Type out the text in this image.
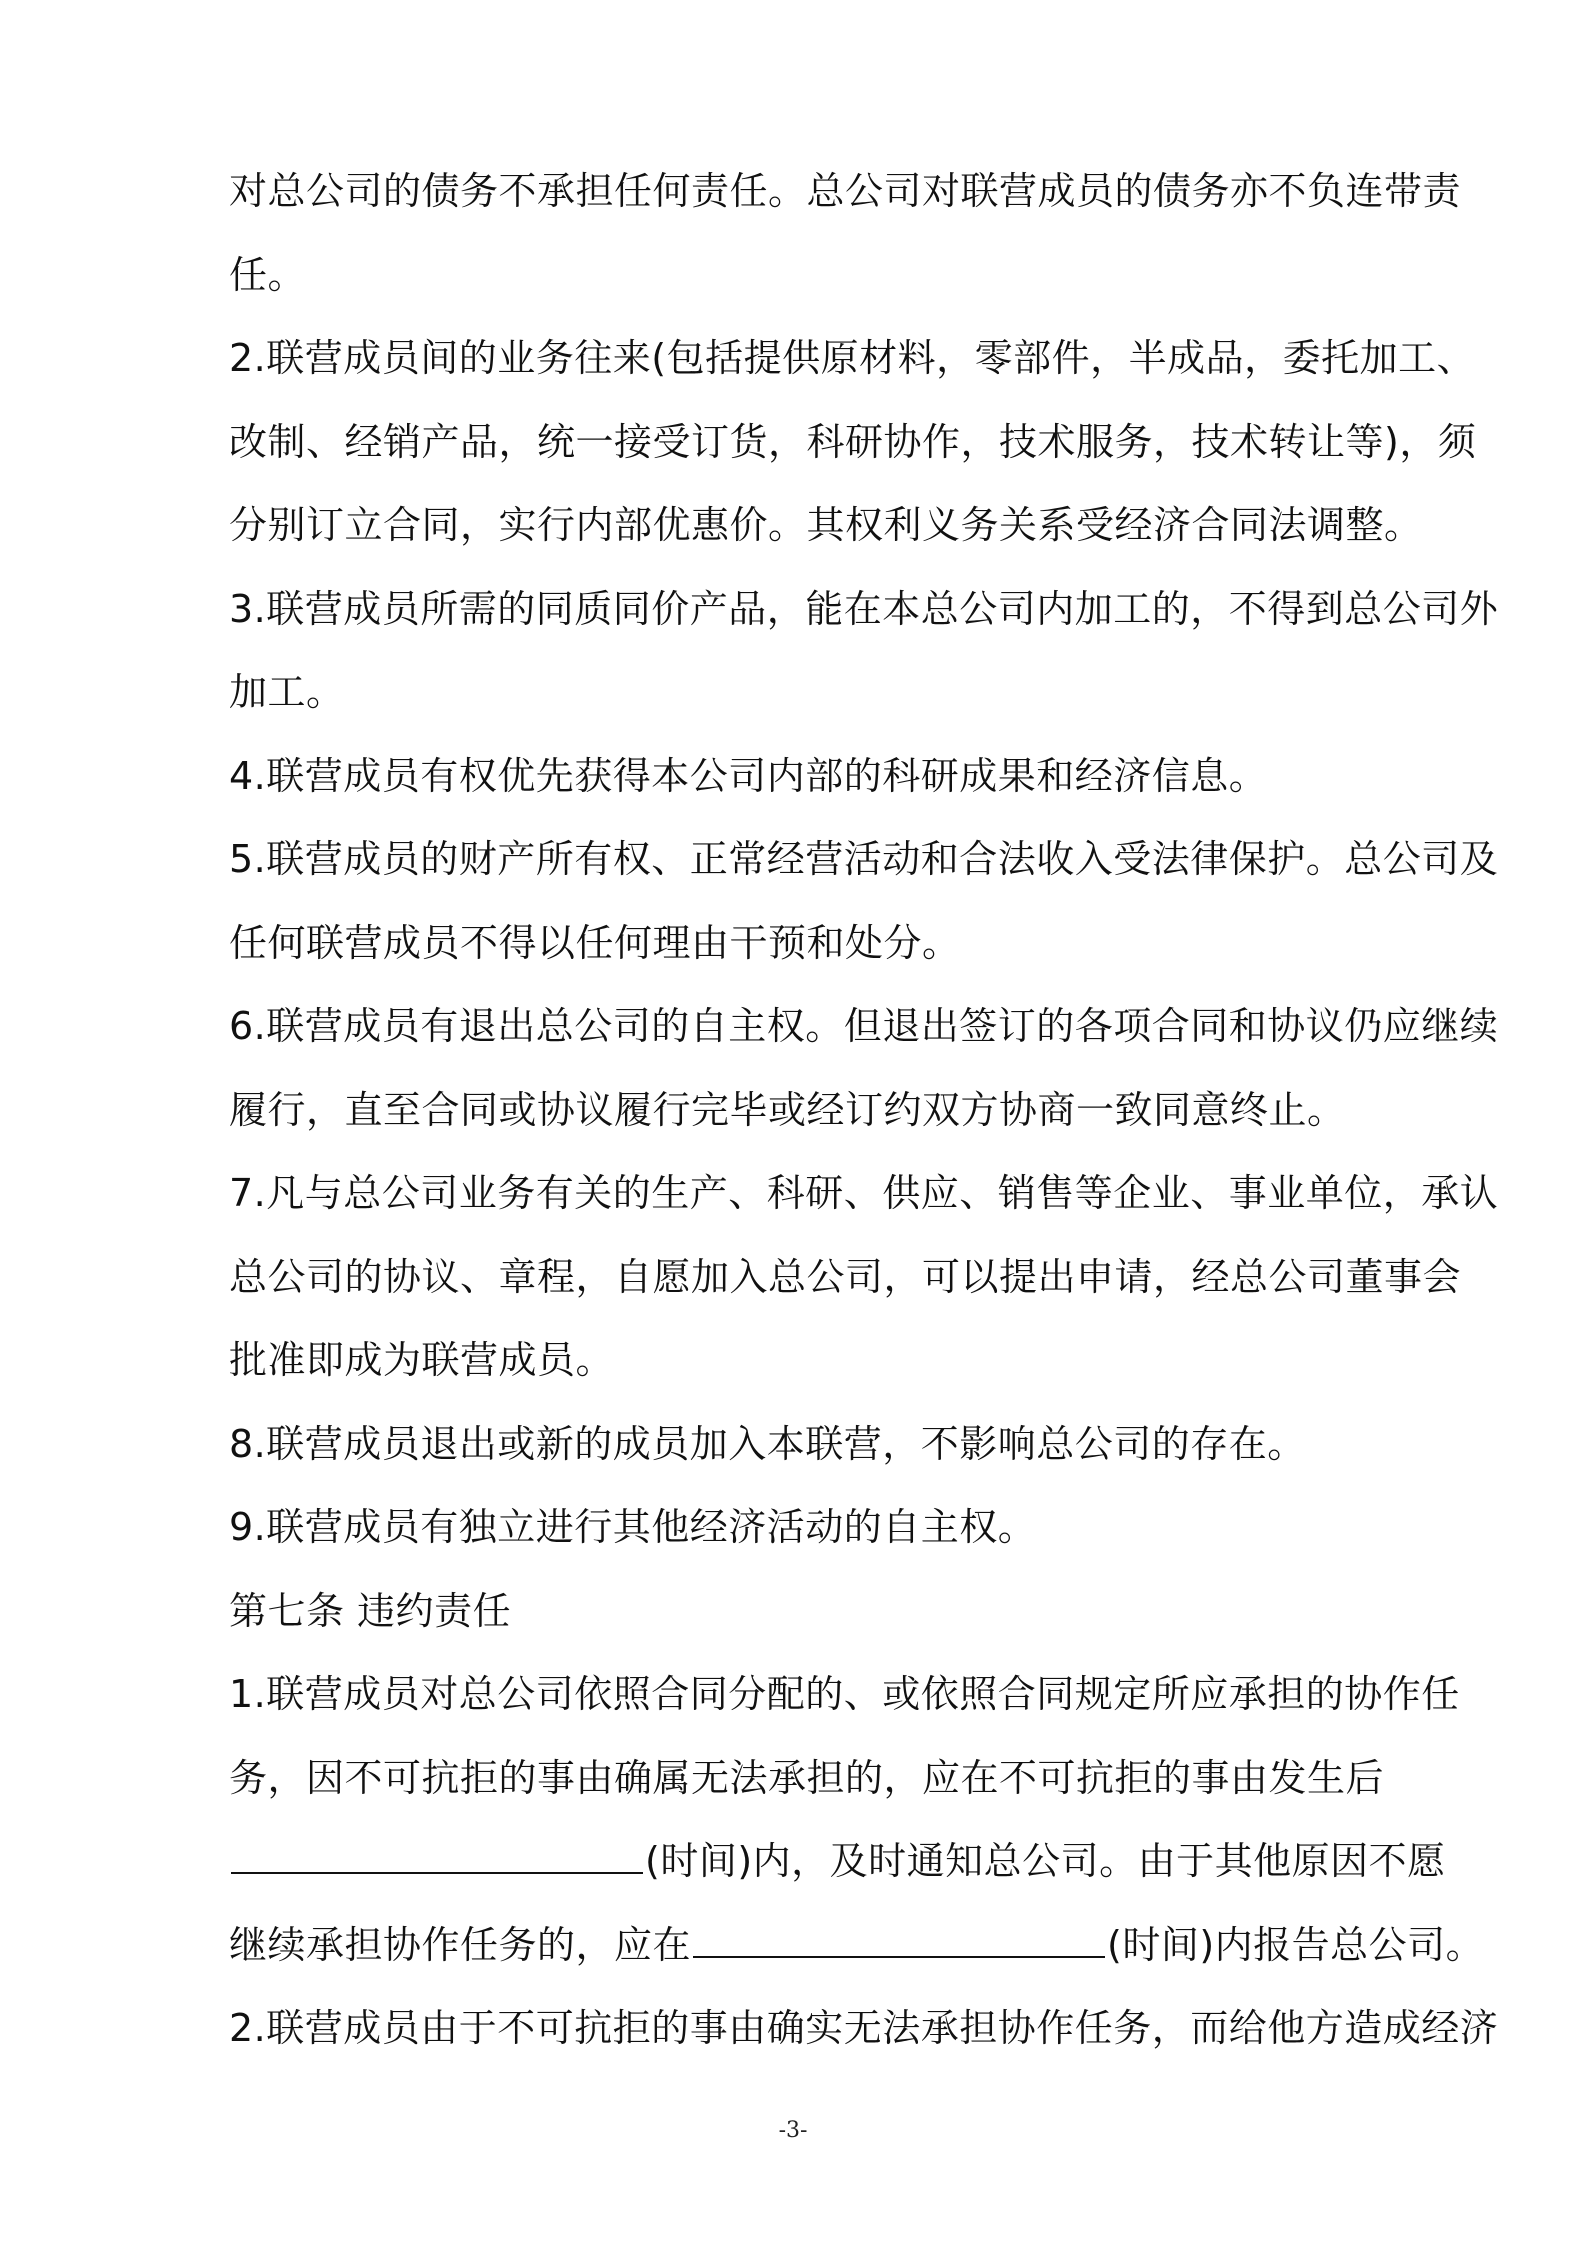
对总公司的债务不承担任何责任。总公司对联营成员的债务亦不负连带责
任。
2.联营成员间的业务往来(包括提供原材料，零部件，半成品，委托加工、
改制、经销产品，统一接受订货，科研协作，技术服务，技术转让等)，须
分别订立合同，实行内部优惠价。其权利义务关系受经济合同法调整。
3.联营成员所需的同质同价产品，能在本总公司内加工的，不得到总公司外
加工。
4.联营成员有权优先获得本公司内部的科研成果和经济信息。
5.联营成员的财产所有权、正常经营活动和合法收入受法律保护。总公司及
任何联营成员不得以任何理由干预和处分。
6.联营成员有退出总公司的自主权。但退出签订的各项合同和协议仍应继续
履行，直至合同或协议履行完毕或经订约双方协商一致同意终止。
7.凡与总公司业务有关的生产、科研、供应、销售等企业、事业单位，承认
总公司的协议、章程，自愿加入总公司，可以提出申请，经总公司董事会
批准即成为联营成员。
8.联营成员退出或新的成员加入本联营，不影响总公司的存在。
9.联营成员有独立进行其他经济活动的自主权。
第七条 违约责任
1.联营成员对总公司依照合同分配的、或依照合同规定所应承担的协作任
务，因不可抗拒的事由确属无法承担的，应在不可抗拒的事由发生后
(时间)内，及时通知总公司。由于其他原因不愿
继续承担协作任务的，应在	(时间)内报告总公司。
2.联营成员由于不可抗拒的事由确实无法承担协作任务，而给他方造成经济
-3-
